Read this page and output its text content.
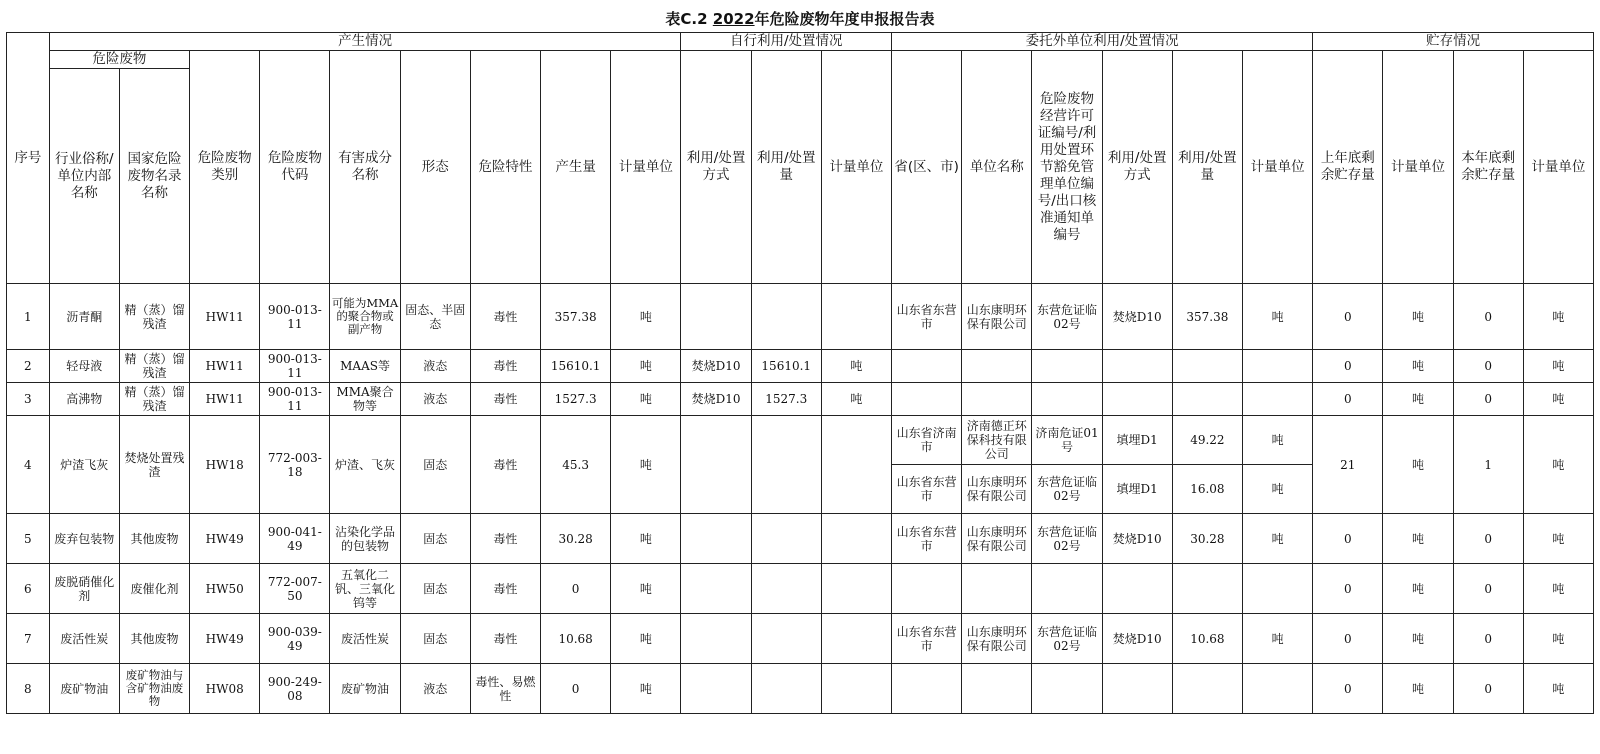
表C.2 2022年危险废物年度申报报告表
序号	产生情况									自行利用/处置情况			委托外单位利用/处置情况						贮存情况			
	危险废物		危险废物类别	危险废物代码	有害成分名称	形态	危险特性	产生量	计量单位	利用/处置方式	利用/处置量	计量单位	省(区、市)	单位名称	危险废物经营许可证编号/利用处置环节豁免管理单位编号/出口核准通知单编号	利用/处置方式	利用/处置量	计量单位	上年底剩余贮存量	计量单位	本年底剩余贮存量	计量单位
	行业俗称/单位内部名称	国家危险废物名录名称																				
1	沥青酮	精（蒸）馏残渣	HW11	900-013-11	可能为MMA的聚合物或副产物	固态、半固态	毒性	357.38	吨				山东省东营市	山东康明环保有限公司	东营危证临02号	焚烧D10	357.38	吨	0	吨	0	吨
2	轻母液	精（蒸）馏残渣	HW11	900-013-11	MAAS等	液态	毒性	15610.1	吨	焚烧D10	15610.1	吨							0	吨	0	吨
3	高沸物	精（蒸）馏残渣	HW11	900-013-11	MMA聚合物等	液态	毒性	1527.3	吨	焚烧D10	1527.3	吨							0	吨	0	吨
4	炉渣飞灰	焚烧处置残渣	HW18	772-003-18	炉渣、飞灰	固态	毒性	45.3	吨				山东省济南市	济南德正环保科技有限公司	济南危证01号	填埋D1	49.22	吨	21	吨	1	吨
													山东省东营市	山东康明环保有限公司	东营危证临02号	填埋D1	16.08	吨				
5	废弃包装物	其他废物	HW49	900-041-49	沾染化学品的包装物	固态	毒性	30.28	吨				山东省东营市	山东康明环保有限公司	东营危证临02号	焚烧D10	30.28	吨	0	吨	0	吨
6	废脱硝催化剂	废催化剂	HW50	772-007-50	五氧化二钒、三氧化钨等	固态	毒性	0	吨										0	吨	0	吨
7	废活性炭	其他废物	HW49	900-039-49	废活性炭	固态	毒性	10.68	吨				山东省东营市	山东康明环保有限公司	东营危证临02号	焚烧D10	10.68	吨	0	吨	0	吨
8	废矿物油	废矿物油与含矿物油废物	HW08	900-249-08	废矿物油	液态	毒性、易燃性	0	吨										0	吨	0	吨
